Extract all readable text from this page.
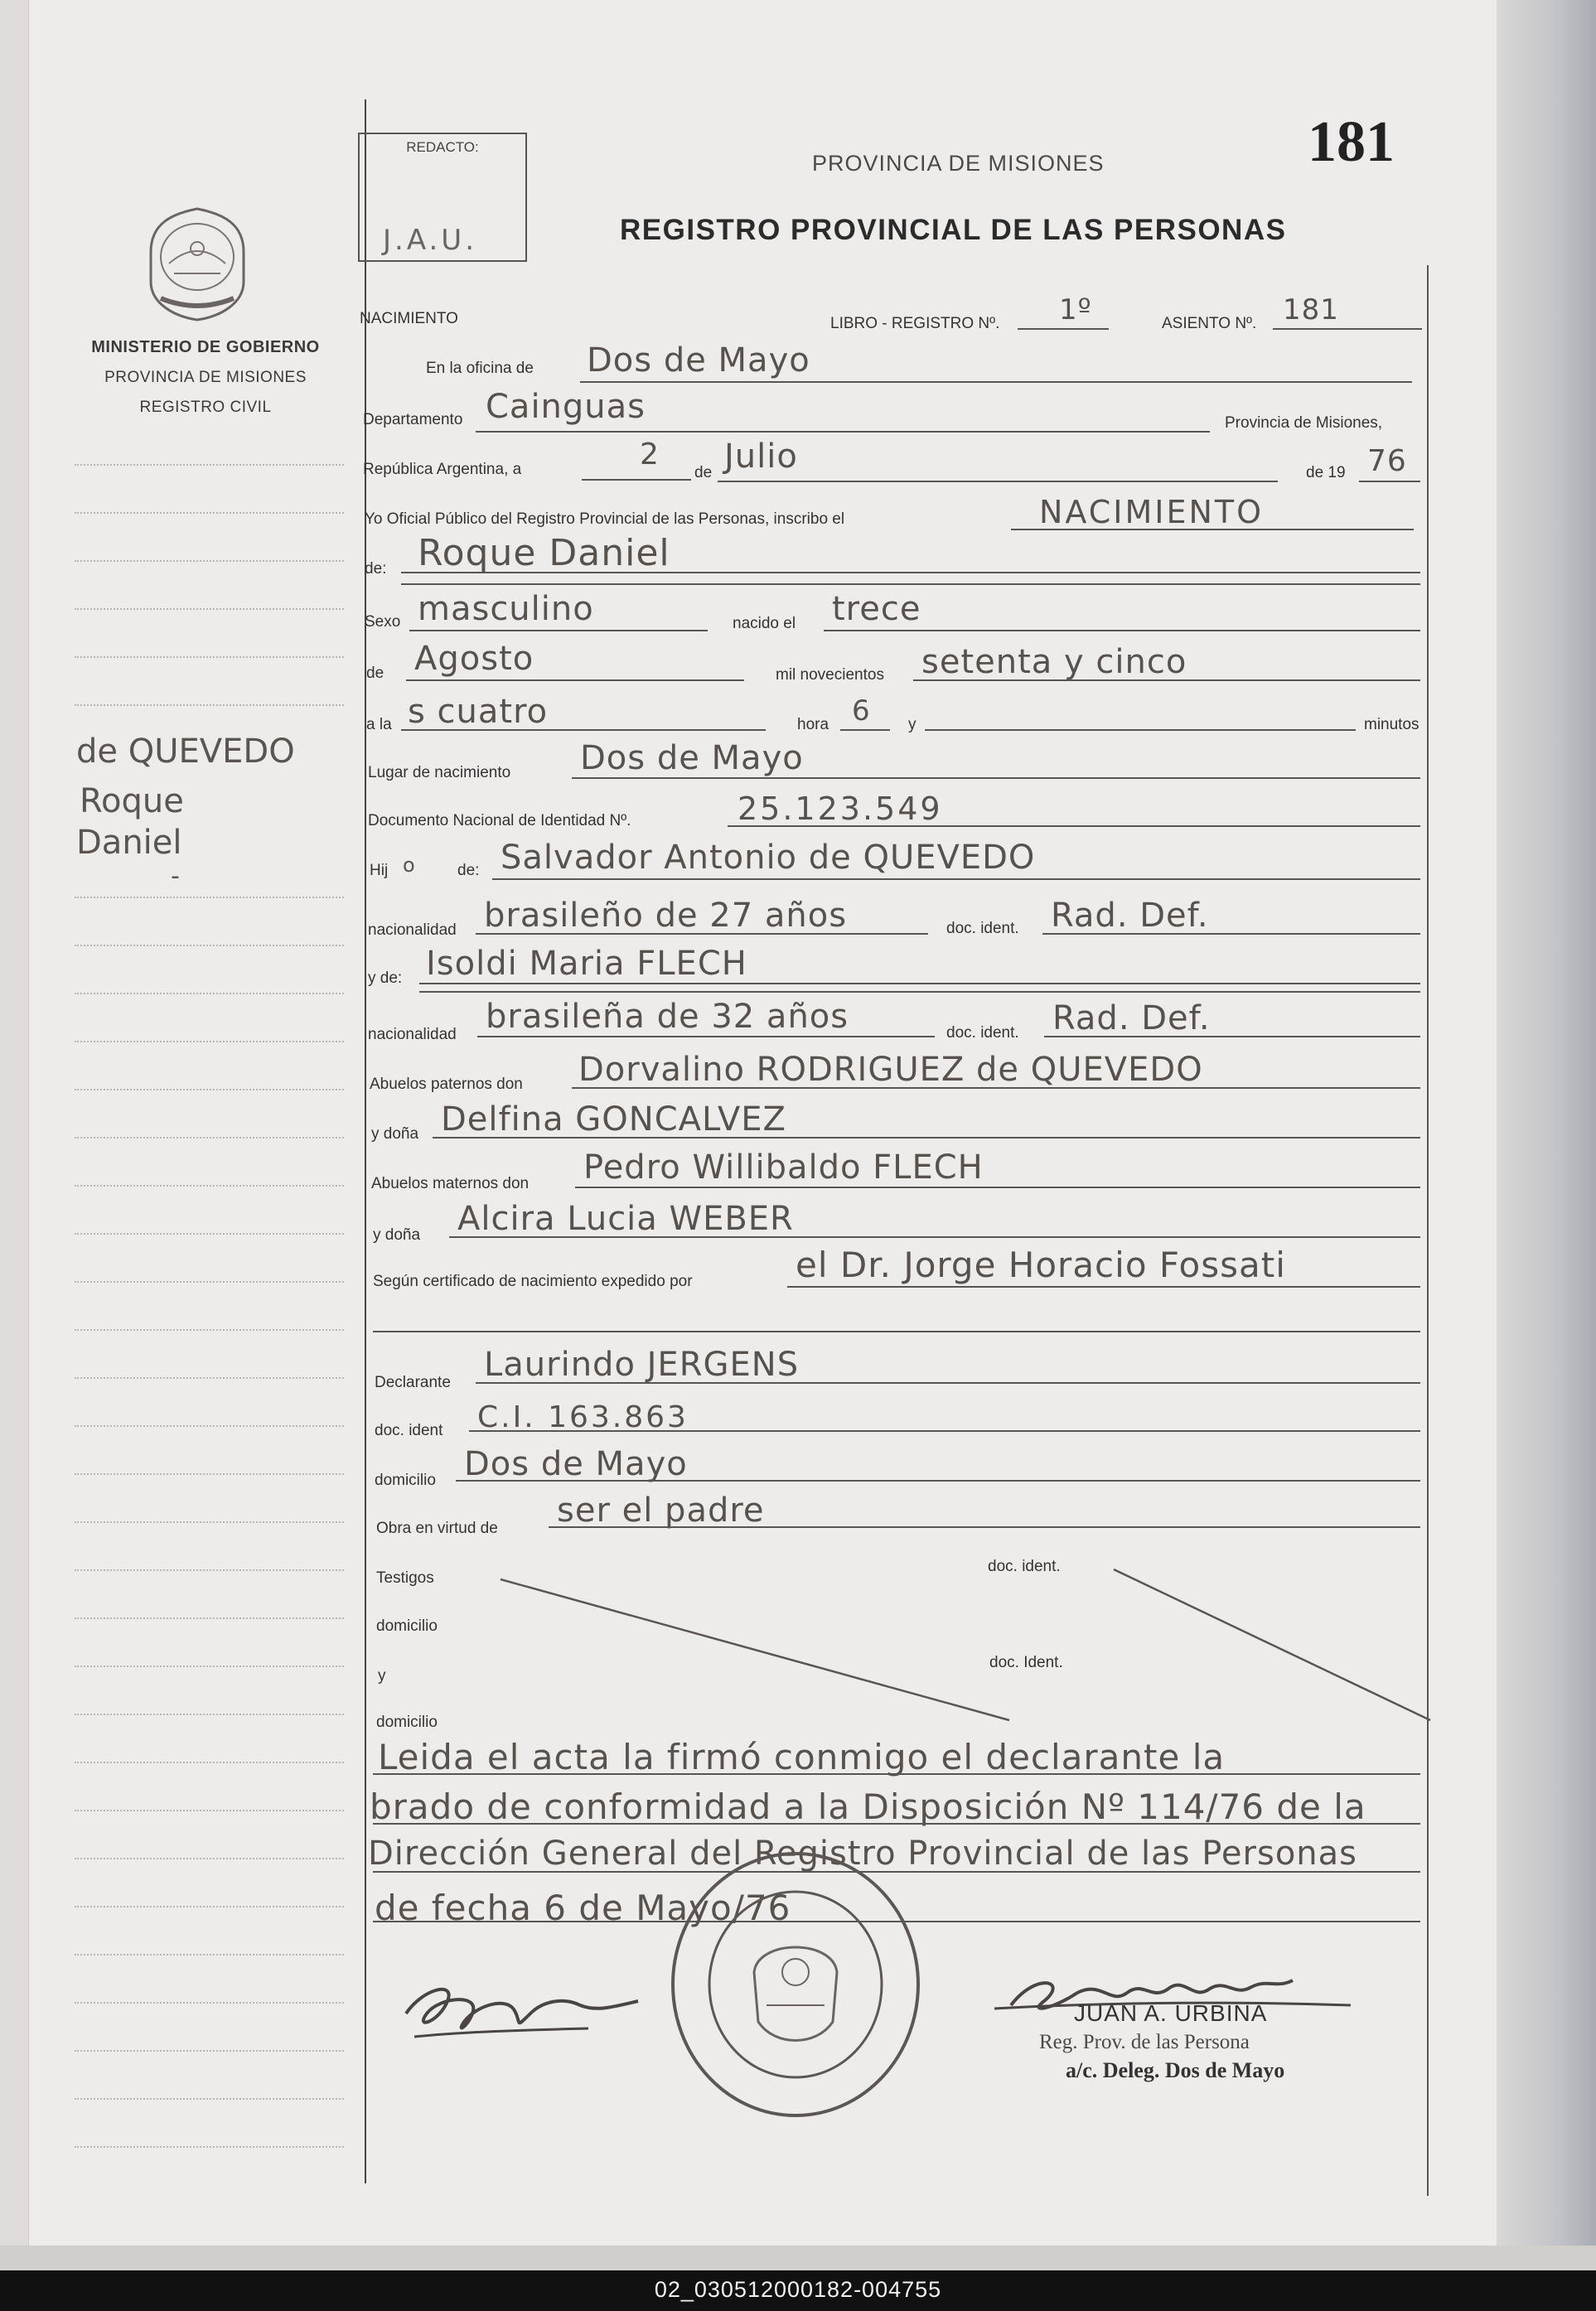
MINISTERIO DE GOBIERNO
PROVINCIA DE MISIONES
REGISTRO CIVIL
de QUEVEDO
Roque
Daniel
-
REDACTO:
J.A.U.
PROVINCIA DE MISIONES	181
REGISTRO PROVINCIAL DE LAS PERSONAS
NACIMIENTO	LIBRO - REGISTRO Nº. 1º	ASIENTO Nº. 181
En la oficina de Dos de Mayo
Departamento Cainguas	Provincia de Misiones,
República Argentina, a	2
de Julio	de 19 76
Yo Oficial Público del Registro Provincial de las Personas, inscribo el	NACIMIENTO
de: Roque Daniel
Sexo masculino	nacido el trece
de Agosto	mil novecientos setenta y cinco
a la s cuatro	hora 6 y	minutos
Lugar de nacimiento Dos de Mayo
Documento Nacional de Identidad Nº.	25.123.549
Hij o	de: Salvador Antonio de QUEVEDO
nacionalidad brasileño de 27 años	doc. ident. Rad. Def.
y de: Isoldi Maria FLECH
nacionalidad brasileña de 32 años	doc. ident. Rad. Def.
Abuelos paternos don Dorvalino RODRIGUEZ de QUEVEDO
y doña Delfina GONCALVEZ
Abuelos maternos don Pedro Willibaldo FLECH
y doña Alcira Lucia WEBER
Según certificado de nacimiento expedido por	el Dr. Jorge Horacio Fossati
Declarante Laurindo JERGENS
doc. ident C.I. 163.863
domicilio Dos de Mayo
Obra en virtud de ser el padre
Testigos
doc. ident.
domicilio
y
doc. Ident.
domicilio
Leida el acta la firmó conmigo el declarante la
brado de conformidad a la Disposición Nº 114/76 de la
Dirección General del Registro Provincial de las Personas
de fecha 6 de Mayo/76
JUAN A. URBINA
Reg. Prov. de las Persona
a/c. Deleg. Dos de Mayo
02_030512000182-004755
